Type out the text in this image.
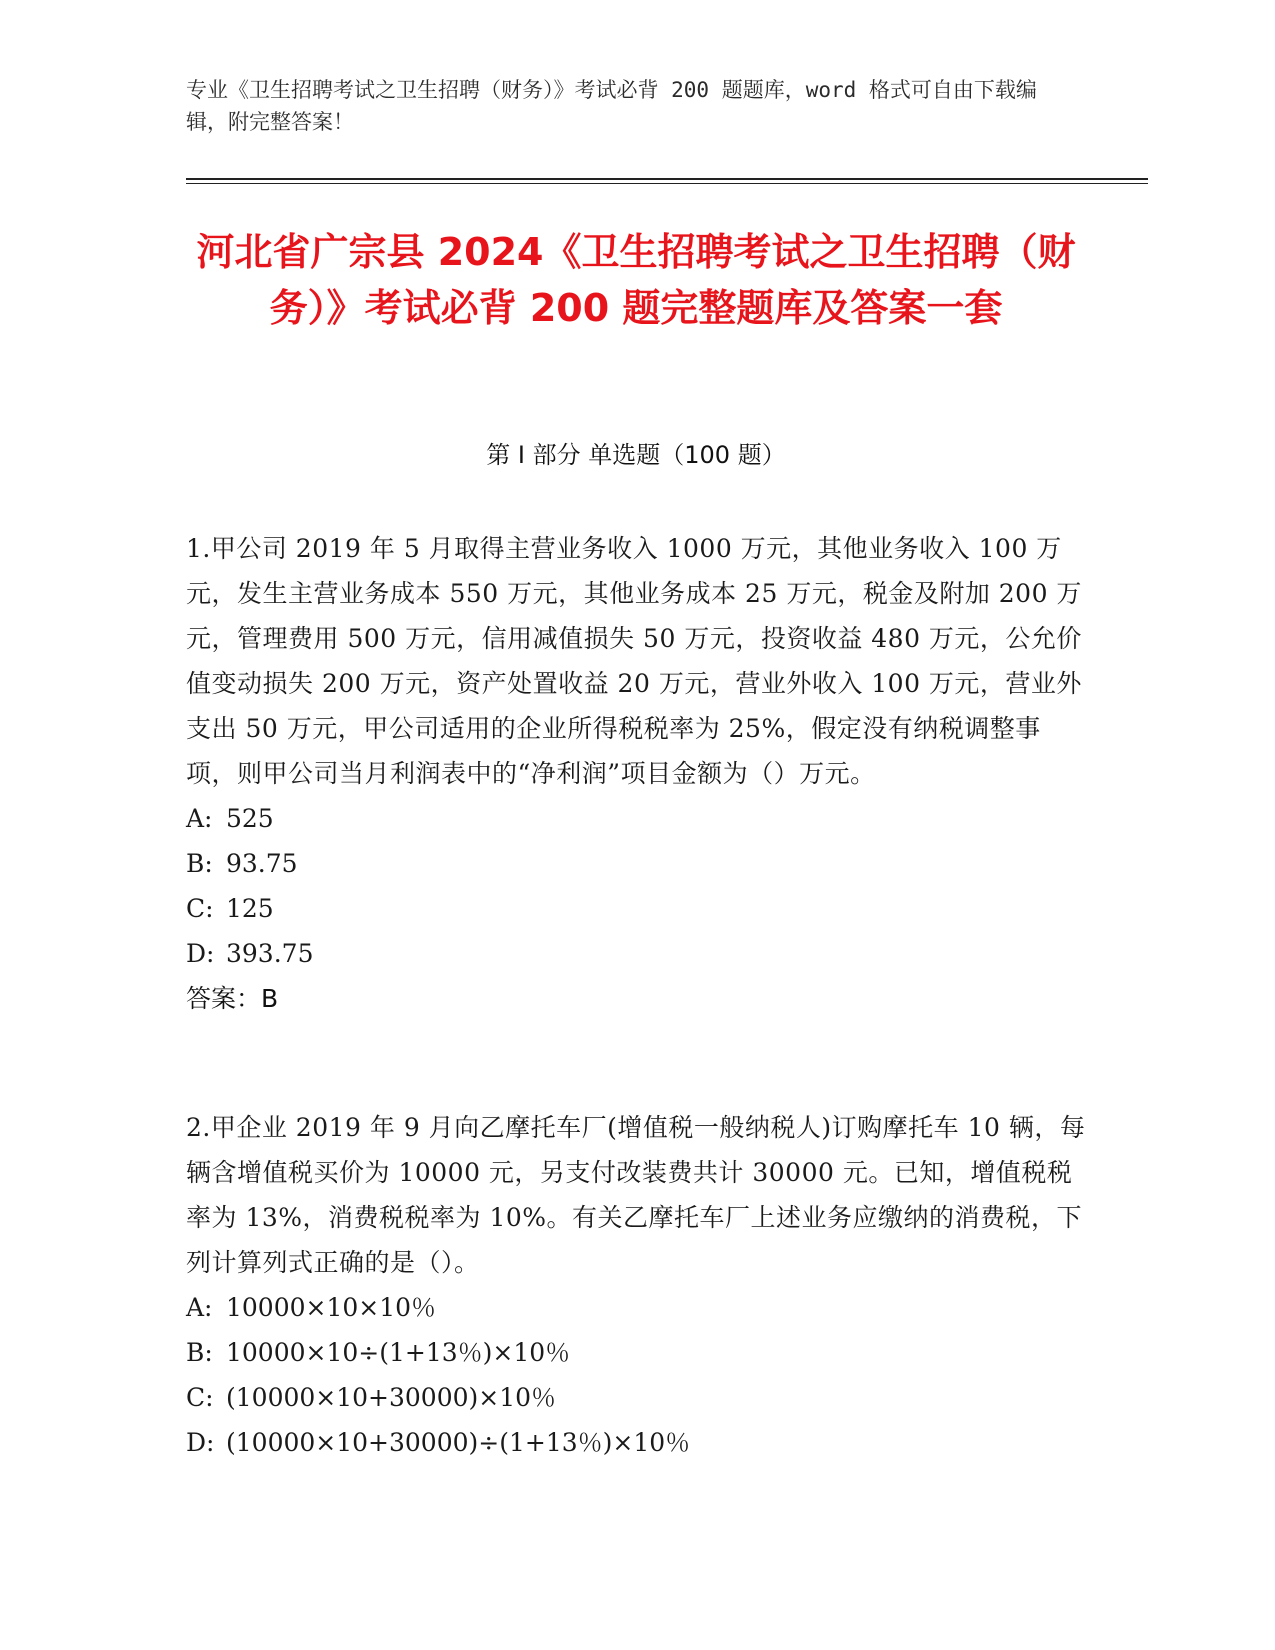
专业《卫生招聘考试之卫生招聘（财务）》考试必背 200 题题库，word 格式可自由下载编辑，附完整答案！
河北省广宗县 2024《卫生招聘考试之卫生招聘（财务）》考试必背 200 题完整题库及答案一套
第 I 部分 单选题（100 题）
1.甲公司 2019 年 5 月取得主营业务收入 1000 万元，其他业务收入 100 万元，发生主营业务成本 550 万元，其他业务成本 25 万元，税金及附加 200 万元，管理费用 500 万元，信用减值损失 50 万元，投资收益 480 万元，公允价值变动损失 200 万元，资产处置收益 20 万元，营业外收入 100 万元，营业外支出 50 万元，甲公司适用的企业所得税税率为 25%，假定没有纳税调整事项，则甲公司当月利润表中的“净利润”项目金额为（）万元。
A: 525
B: 93.75
C: 125
D: 393.75
答案：B
2.甲企业 2019 年 9 月向乙摩托车厂(增值税一般纳税人)订购摩托车 10 辆，每辆含增值税买价为 10000 元，另支付改装费共计 30000 元。已知，增值税税率为 13%，消费税税率为 10%。有关乙摩托车厂上述业务应缴纳的消费税，下列计算列式正确的是（）。
A: 10000×10×10％
B: 10000×10÷(1+13％)×10％
C: (10000×10+30000)×10％
D: (10000×10+30000)÷(1+13％)×10％
